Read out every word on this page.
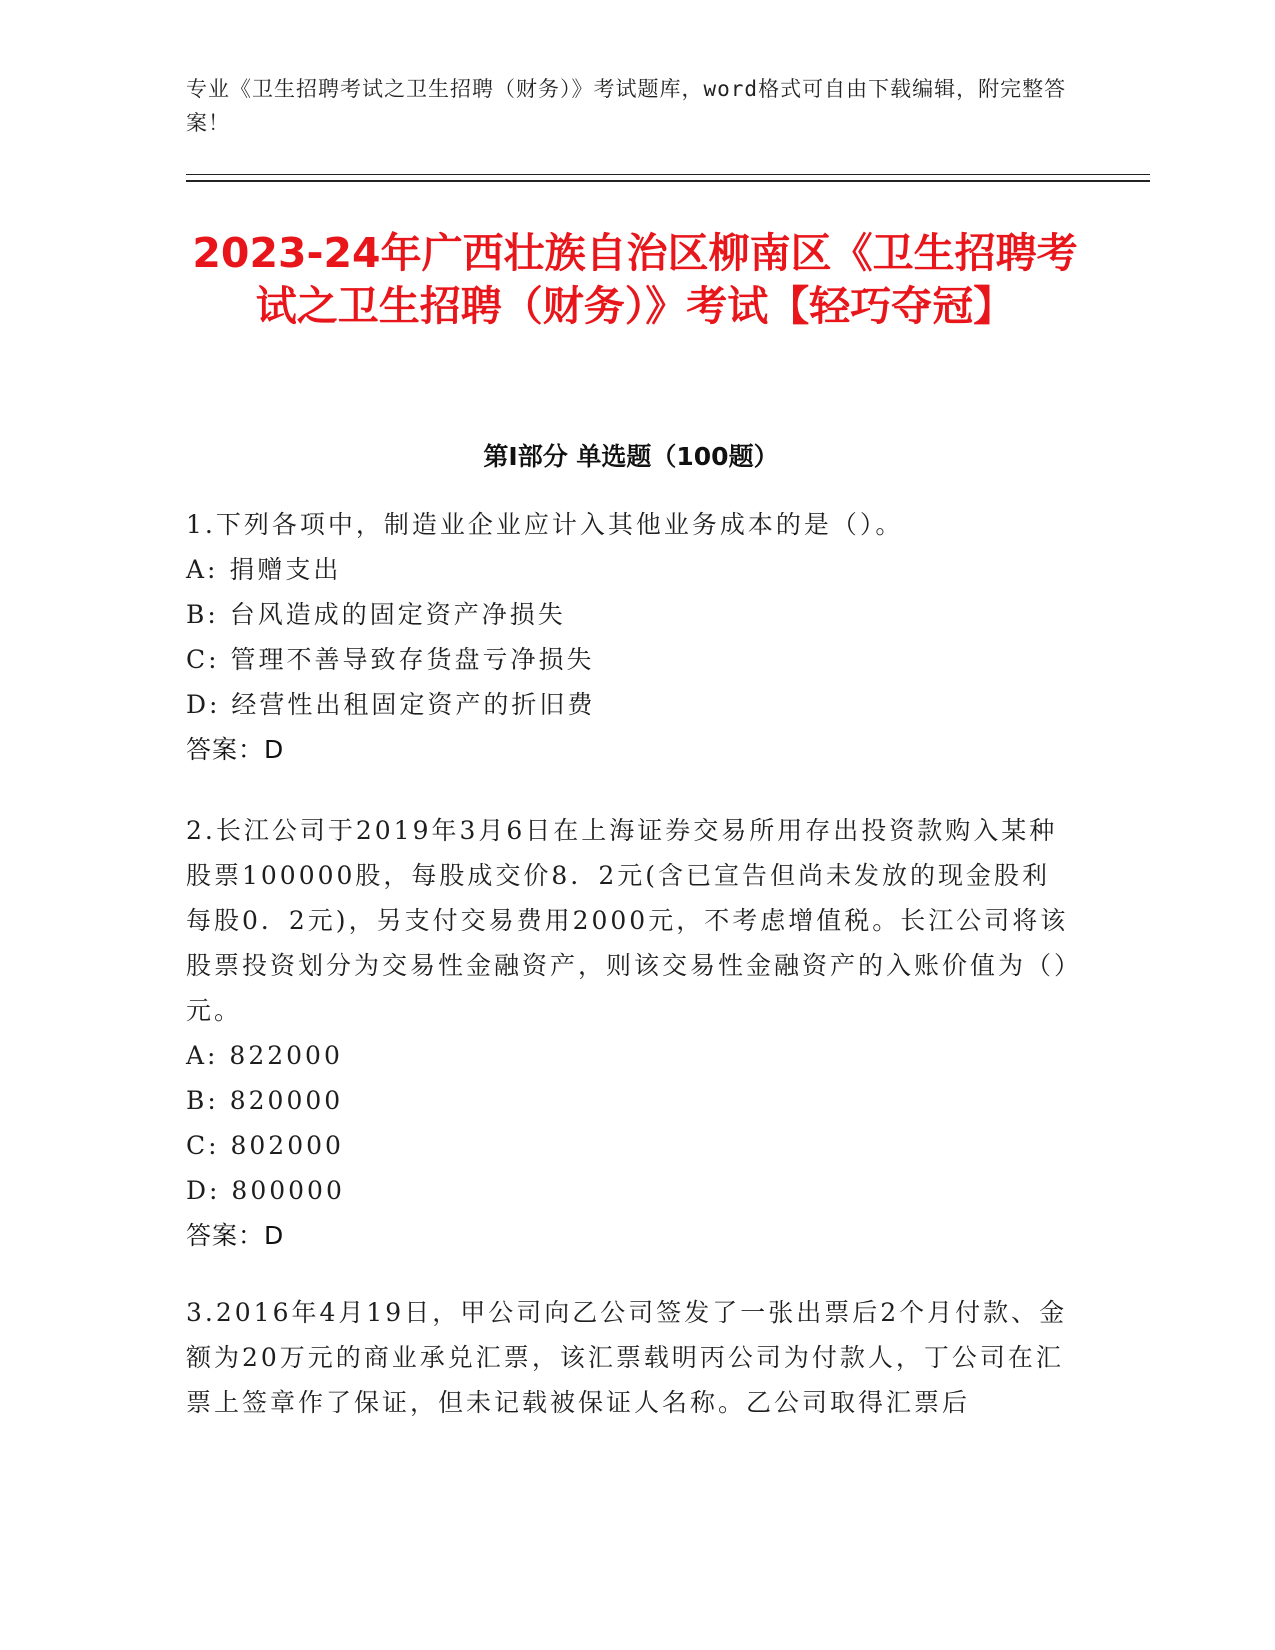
专业《卫生招聘考试之卫生招聘（财务）》考试题库，word格式可自由下载编辑，附完整答案！
2023-24年广西壮族自治区柳南区《卫生招聘考试之卫生招聘（财务）》考试【轻巧夺冠】
第I部分 单选题（100题）
1.下列各项中，制造业企业应计入其他业务成本的是（）。
A: 捐赠支出
B: 台风造成的固定资产净损失
C: 管理不善导致存货盘亏净损失
D: 经营性出租固定资产的折旧费
答案：D
2.长江公司于2019年3月6日在上海证券交易所用存出投资款购入某种股票100000股，每股成交价8．2元(含已宣告但尚未发放的现金股利每股0．2元)，另支付交易费用2000元，不考虑增值税。长江公司将该股票投资划分为交易性金融资产，则该交易性金融资产的入账价值为（）元。
A: 822000
B: 820000
C: 802000
D: 800000
答案：D
3.2016年4月19日，甲公司向乙公司签发了一张出票后2个月付款、金额为20万元的商业承兑汇票，该汇票载明丙公司为付款人，丁公司在汇票上签章作了保证，但未记载被保证人名称。乙公司取得汇票后
